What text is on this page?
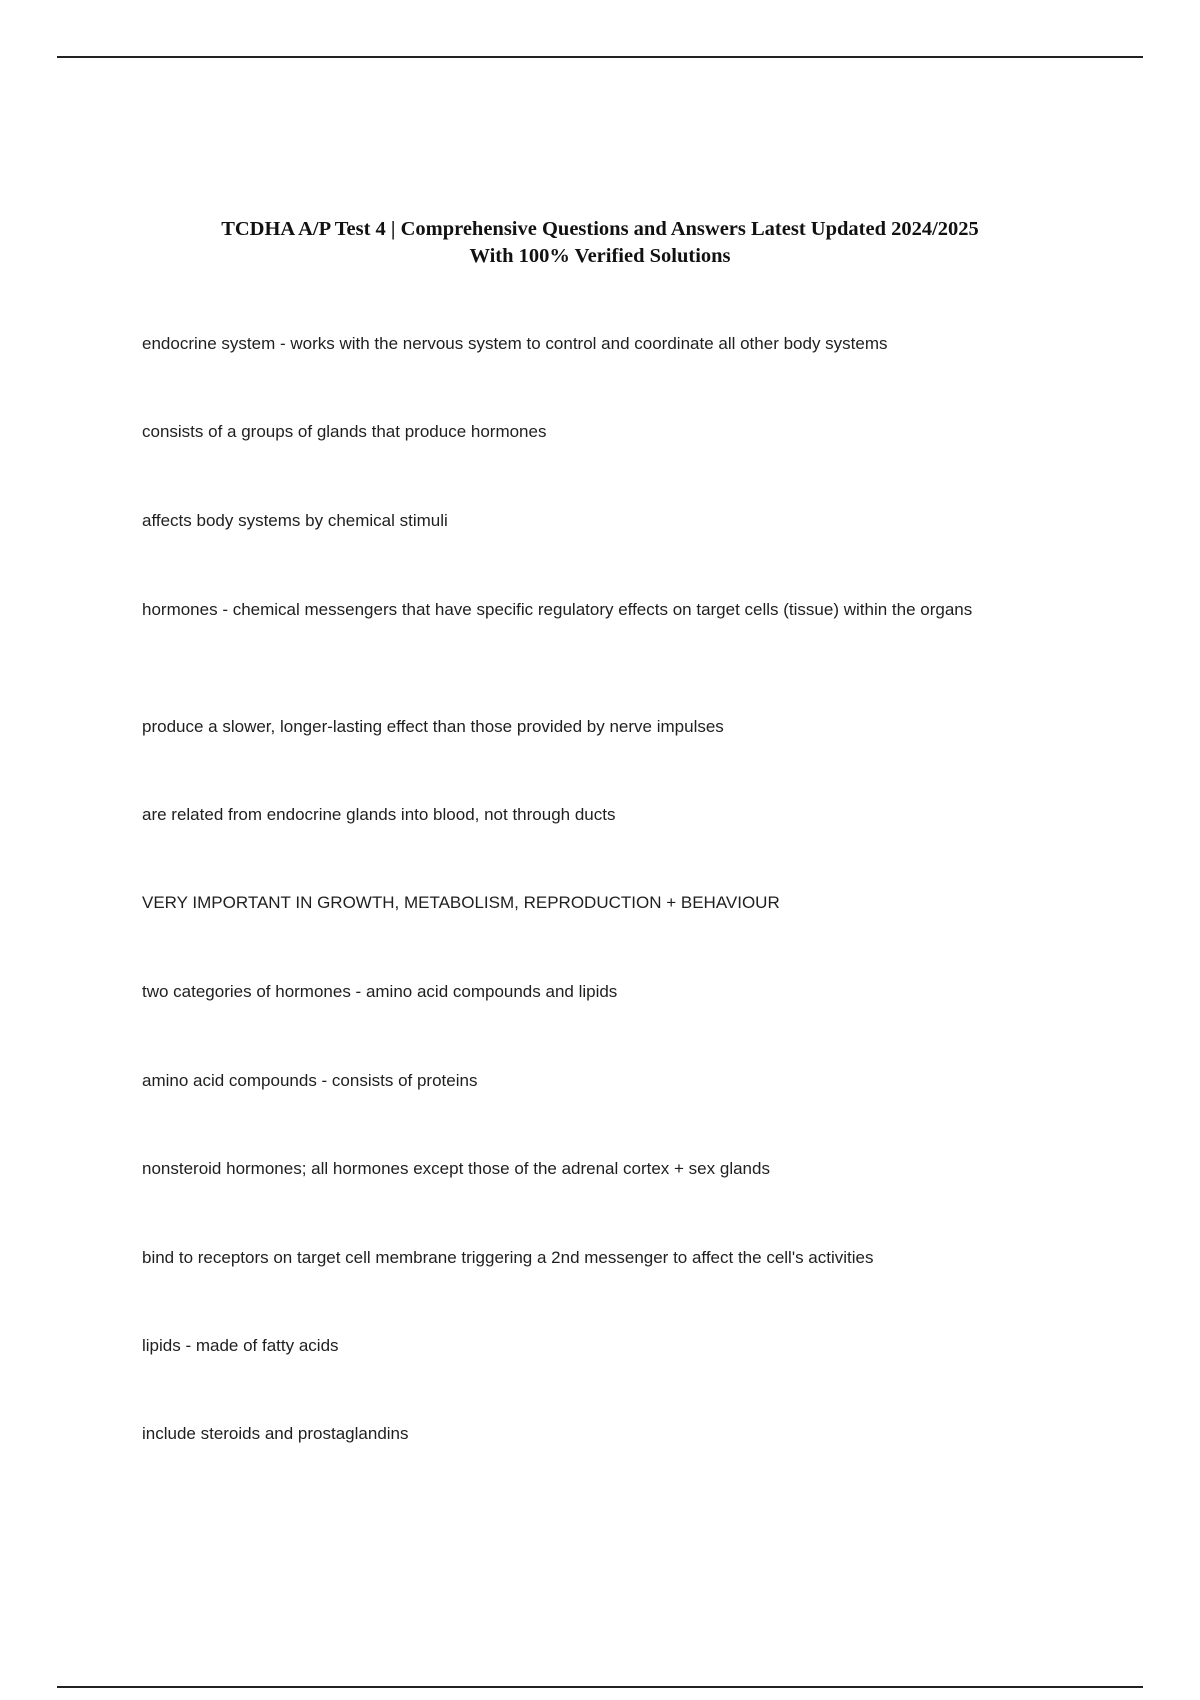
TCDHA A/P Test 4 | Comprehensive Questions and Answers Latest Updated 2024/2025
With 100% Verified Solutions
endocrine system - works with the nervous system to control and coordinate all other body systems
consists of a groups of glands that produce hormones
affects body systems by chemical stimuli
hormones - chemical messengers that have specific regulatory effects on target cells (tissue) within the organs
produce a slower, longer-lasting effect than those provided by nerve impulses
are related from endocrine glands into blood, not through ducts
VERY IMPORTANT IN GROWTH, METABOLISM, REPRODUCTION + BEHAVIOUR
two categories of hormones - amino acid compounds and lipids
amino acid compounds - consists of proteins
nonsteroid hormones; all hormones except those of the adrenal cortex + sex glands
bind to receptors on target cell membrane triggering a 2nd messenger to affect the cell's activities
lipids - made of fatty acids
include steroids and prostaglandins
